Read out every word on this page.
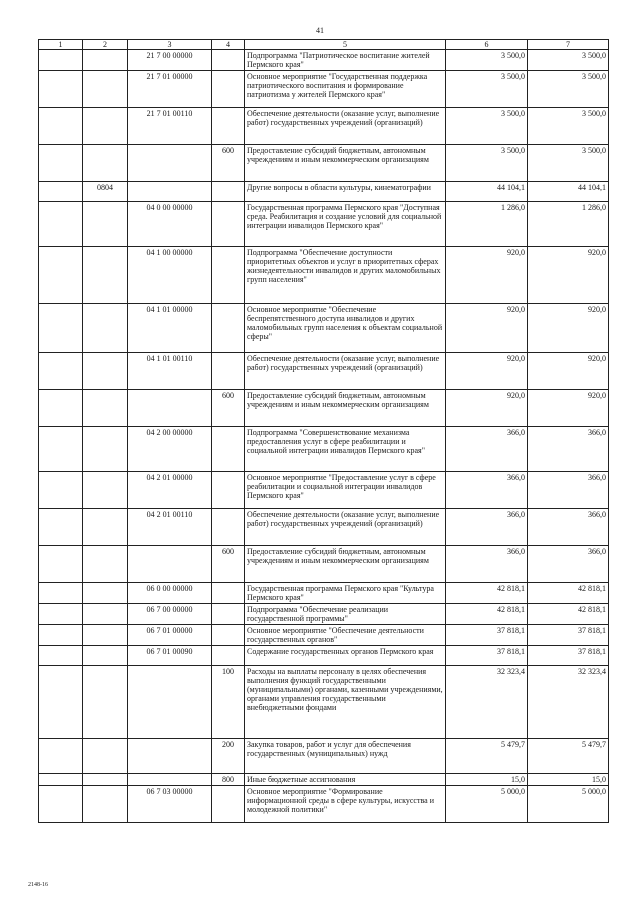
41
1	2	3	4	5	6	7
		21 7 00 00000		Подпрограмма "Патриотическое воспитание жителей Пермского края"	3 500,0	3 500,0
		21 7 01 00000		Основное мероприятие "Государственная поддержка патриотического воспитания и формирование патриотизма у жителей Пермского края"	3 500,0	3 500,0
		21 7 01 00110		Обеспечение деятельности (оказание услуг, выполнение работ) государственных учреждений (организаций)	3 500,0	3 500,0
			600	Предоставление субсидий бюджетным, автономным учреждениям и иным некоммерческим организациям	3 500,0	3 500,0
	0804			Другие вопросы в области культуры, кинематографии	44 104,1	44 104,1
		04 0 00 00000		Государственная программа Пермского края "Доступная среда. Реабилитация и создание условий для социальной интеграции инвалидов Пермского края"	1 286,0	1 286,0
		04 1 00 00000		Подпрограмма "Обеспечение доступности приоритетных объектов и услуг в приоритетных сферах жизнедеятельности инвалидов и других маломобильных групп населения"	920,0	920,0
		04 1 01 00000		Основное мероприятие "Обеспечение беспрепятственного доступа инвалидов и других маломобильных групп населения к объектам социальной сферы"	920,0	920,0
		04 1 01 00110		Обеспечение деятельности (оказание услуг, выполнение работ) государственных учреждений (организаций)	920,0	920,0
			600	Предоставление субсидий бюджетным, автономным учреждениям и иным некоммерческим организациям	920,0	920,0
		04 2 00 00000		Подпрограмма "Совершенствование механизма предоставления услуг в сфере реабилитации и социальной интеграции инвалидов Пермского края"	366,0	366,0
		04 2 01 00000		Основное мероприятие "Предоставление услуг в сфере реабилитации и социальной интеграции инвалидов Пермского края"	366,0	366,0
		04 2 01 00110		Обеспечение деятельности (оказание услуг, выполнение работ) государственных учреждений (организаций)	366,0	366,0
			600	Предоставление субсидий бюджетным, автономным учреждениям и иным некоммерческим организациям	366,0	366,0
		06 0 00 00000		Государственная программа Пермского края "Культура Пермского края"	42 818,1	42 818,1
		06 7 00 00000		Подпрограмма "Обеспечение реализации государственной программы"	42 818,1	42 818,1
		06 7 01 00000		Основное мероприятие "Обеспечение деятельности государственных органов"	37 818,1	37 818,1
		06 7 01 00090		Содержание государственных органов Пермского края	37 818,1	37 818,1
			100	Расходы на выплаты персоналу в целях обеспечения выполнения функций государственными (муниципальными) органами, казенными учреждениями, органами управления государственными внебюджетными фондами	32 323,4	32 323,4
			200	Закупка товаров, работ и услуг для обеспечения государственных (муниципальных) нужд	5 479,7	5 479,7
			800	Иные бюджетные ассигнования	15,0	15,0
		06 7 03 00000		Основное мероприятие "Формирование информационной среды в сфере культуры, искусства и молодежной политики"	5 000,0	5 000,0
2148-16
